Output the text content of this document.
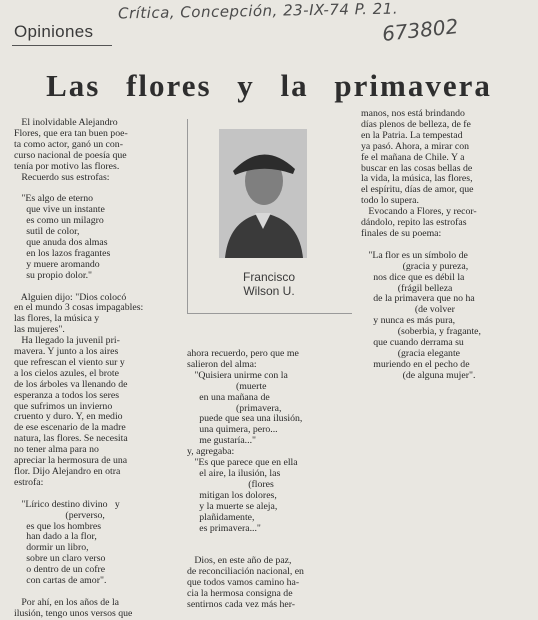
Crítica, Concepción, 23-IX-74 P. 21.
673802
Opiniones
Las flores y la primavera
Francisco
Wilson U.
El inolvidable Alejandro
Flores, que era tan buen poe-
ta como actor, ganó un con-
curso nacional de poesía que
tenía por motivo las flores.
Recuerdo sus estrofas:

"Es algo de eterno
que vive un instante
es como un milagro
sutil de color,
que anuda dos almas
en los lazos fragantes
y muere aromando
su propio dolor."

Alguien dijo: "Dios colocó
en el mundo 3 cosas impagables:
las flores, la música y
las mujeres".
Ha llegado la juvenil pri-
mavera. Y junto a los aires
que refrescan el viento sur y
a los cielos azules, el brote
de los árboles va llenando de
esperanza a todos los seres
que sufrimos un invierno
cruento y duro. Y, en medio
de ese escenario de la madre
natura, las flores. Se necesita
no tener alma para no
apreciar la hermosura de una
flor. Dijo Alejandro en otra
estrofa:

"Lírico destino divino   y
(perverso,
es que los hombres
han dado a la flor,
dormir un libro,
sobre un claro verso
o dentro de un cofre
con cartas de amor".

Por ahí, en los años de la
ilusión, tengo unos versos que
ahora recuerdo, pero que me
salieron del alma:
"Quisiera unirme con la
(muerte
en una mañana de
(primavera,
puede que sea una ilusión,
una quimera, pero...
me gustaría..."
y, agregaba:
"Es que parece que en ella
el aire, la ilusión, las
(flores
mitigan los dolores,
y la muerte se aleja,
plañidamente,
es primavera..."

Dios, en este año de paz,
de reconciliación nacional, en
que todos vamos camino ha-
cia la hermosa consigna de
sentirnos cada vez más her-
manos, nos está brindando
días plenos de belleza, de fe
en la Patria. La tempestad
ya pasó. Ahora, a mirar con
fe el mañana de Chile. Y a
buscar en las cosas bellas de
la vida, la música, las flores,
el espíritu, días de amor, que
todo lo supera.
Evocando a Flores, y recor-
dándolo, repito las estrofas
finales de su poema:

"La flor es un símbolo de
(gracia y pureza,
nos dice que es débil la
(frágil belleza
de la primavera que no ha
(de volver
y nunca es más pura,
(soberbia, y fragante,
que cuando derrama su
(gracia elegante
muriendo en el pecho de
(de alguna mujer".
